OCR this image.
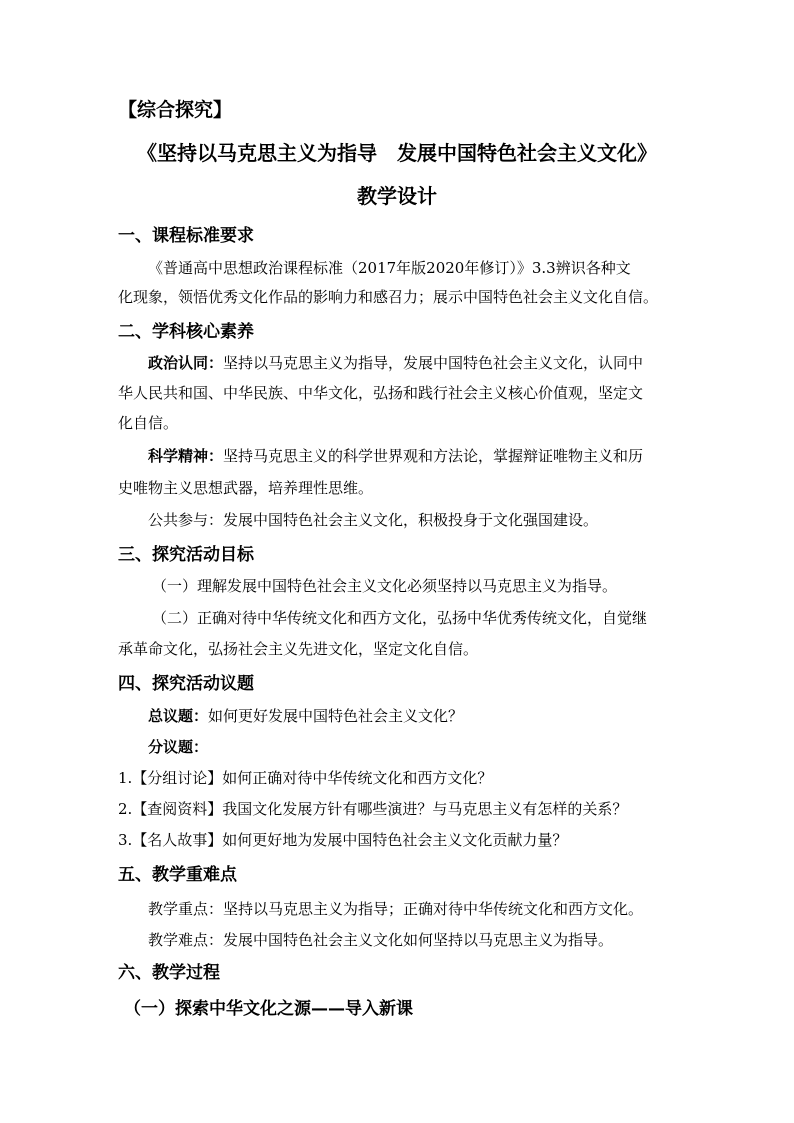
【综合探究】
《坚持以马克思主义为指导　发展中国特色社会主义文化》
教学设计
一、课程标准要求
《普通高中思想政治课程标准（2017年版2020年修订）》3.3辨识各种文
化现象，领悟优秀文化作品的影响力和感召力；展示中国特色社会主义文化自信。
二、学科核心素养
政治认同：坚持以马克思主义为指导，发展中国特色社会主义文化，认同中
华人民共和国、中华民族、中华文化，弘扬和践行社会主义核心价值观，坚定文
化自信。
科学精神：坚持马克思主义的科学世界观和方法论，掌握辩证唯物主义和历
史唯物主义思想武器，培养理性思维。
公共参与：发展中国特色社会主义文化，积极投身于文化强国建设。
三、探究活动目标
（一）理解发展中国特色社会主义文化必须坚持以马克思主义为指导。
（二）正确对待中华传统文化和西方文化，弘扬中华优秀传统文化，自觉继
承革命文化，弘扬社会主义先进文化，坚定文化自信。
四、探究活动议题
总议题：如何更好发展中国特色社会主义文化？
分议题：
1.【分组讨论】如何正确对待中华传统文化和西方文化？
2.【查阅资料】我国文化发展方针有哪些演进？与马克思主义有怎样的关系？
3.【名人故事】如何更好地为发展中国特色社会主义文化贡献力量？
五、教学重难点
教学重点：坚持以马克思主义为指导；正确对待中华传统文化和西方文化。
教学难点：发展中国特色社会主义文化如何坚持以马克思主义为指导。
六、教学过程
（一）探索中华文化之源——导入新课
